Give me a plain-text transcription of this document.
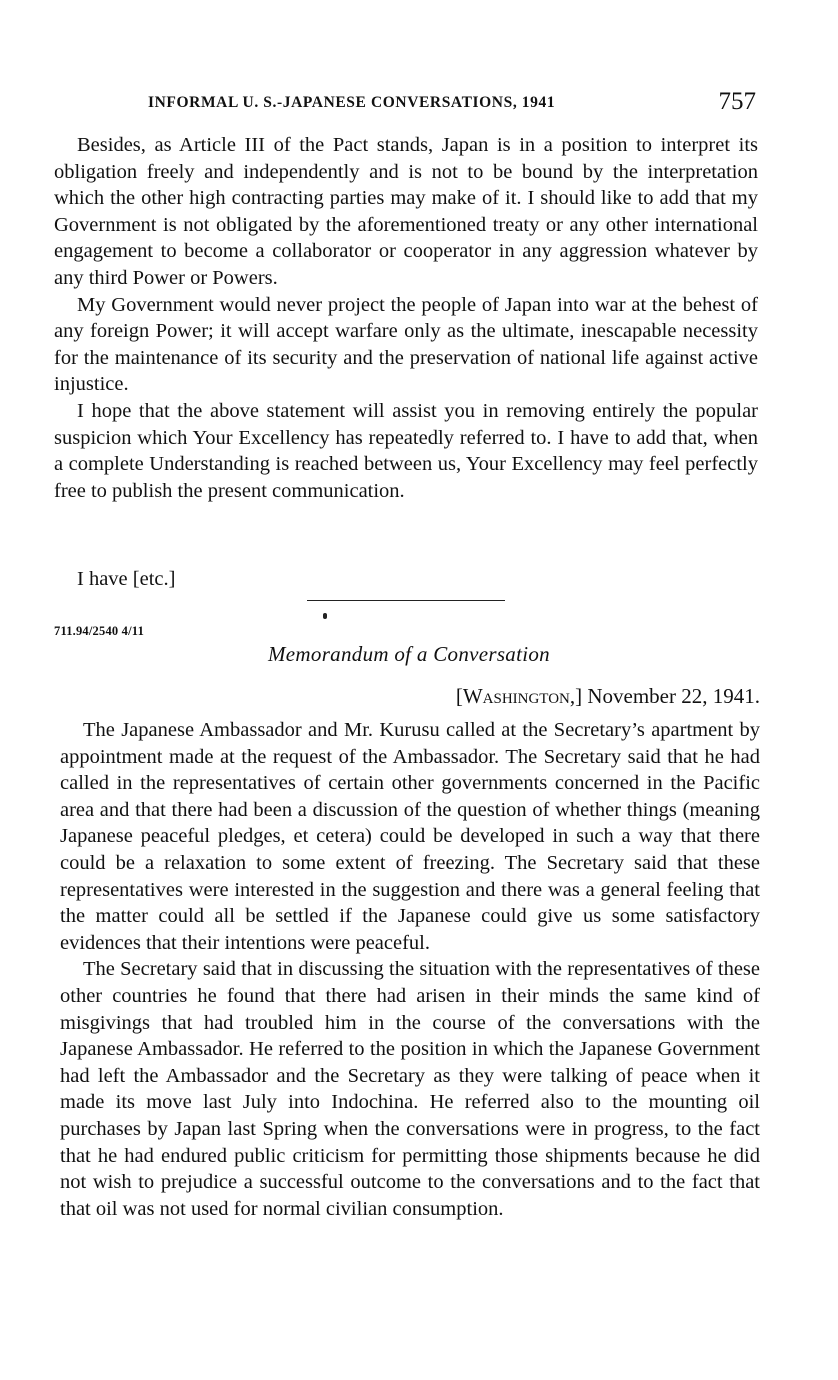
INFORMAL U. S.-JAPANESE CONVERSATIONS, 1941	757

Besides, as Article III of the Pact stands, Japan is in a position to interpret its obligation freely and independently and is not to be bound by the interpretation which the other high contracting parties may make of it. I should like to add that my Government is not obligated by the aforementioned treaty or any other international engagement to become a collaborator or cooperator in any aggression whatever by any third Power or Powers.

My Government would never project the people of Japan into war at the behest of any foreign Power; it will accept warfare only as the ultimate, inescapable necessity for the maintenance of its security and the preservation of national life against active injustice.

I hope that the above statement will assist you in removing entirely the popular suspicion which Your Excellency has repeatedly referred to. I have to add that, when a complete Understanding is reached between us, Your Excellency may feel perfectly free to publish the present communication.

I have [etc.]
711.94/2540 4/11
Memorandum of a Conversation
[Washington,] November 22, 1941.

The Japanese Ambassador and Mr. Kurusu called at the Secretary’s apartment by appointment made at the request of the Ambassador. The Secretary said that he had called in the representatives of certain other governments concerned in the Pacific area and that there had been a discussion of the question of whether things (meaning Japanese peaceful pledges, et cetera) could be developed in such a way that there could be a relaxation to some extent of freezing. The Secretary said that these representatives were interested in the suggestion and there was a general feeling that the matter could all be settled if the Japanese could give us some satisfactory evidences that their intentions were peaceful.

The Secretary said that in discussing the situation with the representatives of these other countries he found that there had arisen in their minds the same kind of misgivings that had troubled him in the course of the conversations with the Japanese Ambassador. He referred to the position in which the Japanese Government had left the Ambassador and the Secretary as they were talking of peace when it made its move last July into Indochina. He referred also to the mounting oil purchases by Japan last Spring when the conversations were in progress, to the fact that he had endured public criticism for permitting those shipments because he did not wish to prejudice a successful outcome to the conversations and to the fact that that oil was not used for normal civilian consumption.
